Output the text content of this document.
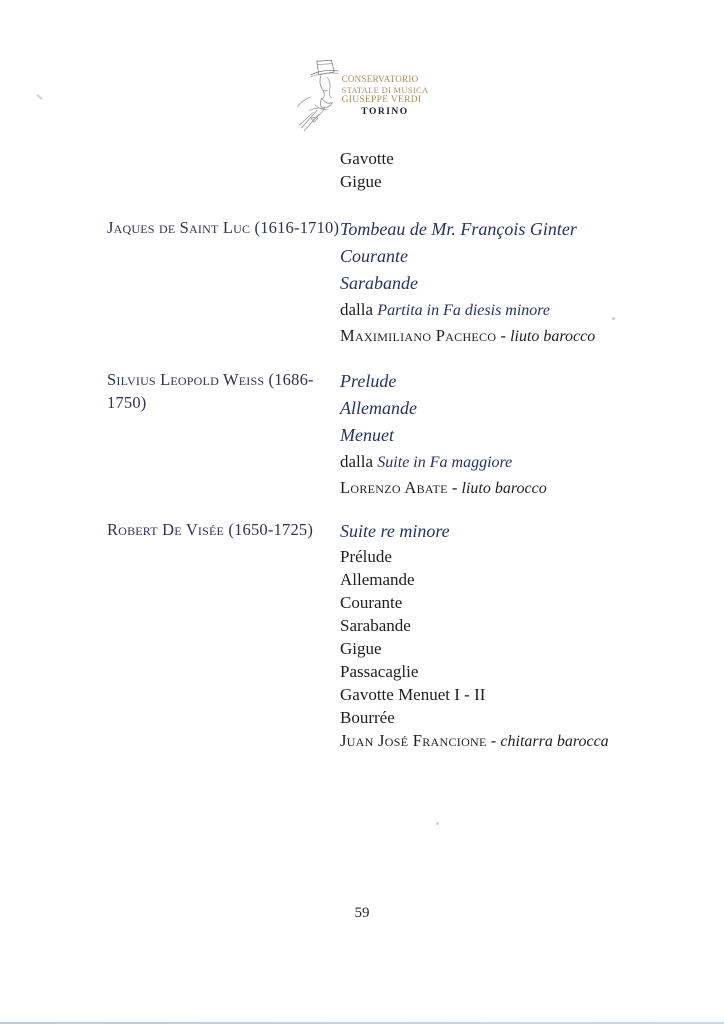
CONSERVATORIO
STATALE DI MUSICA
GIUSEPPE VERDI
TORINO
Gavotte
Gigue
Jaques de Saint Luc (1616-1710) Tombeau de Mr. François Ginter
Courante
Sarabande
dalla Partita in Fa diesis minore
Maximiliano Pacheco - liuto barocco
Silvius Leopold Weiss (1686-
1750)
Prelude
Allemande
Menuet
dalla Suite in Fa maggiore
Lorenzo Abate - liuto barocco
Robert De Visée (1650-1725)	Suite re minore
Prélude
Allemande
Courante
Sarabande
Gigue
Passacaglie
Gavotte Menuet I - II
Bourrée
Juan José Francione - chitarra barocca
59
